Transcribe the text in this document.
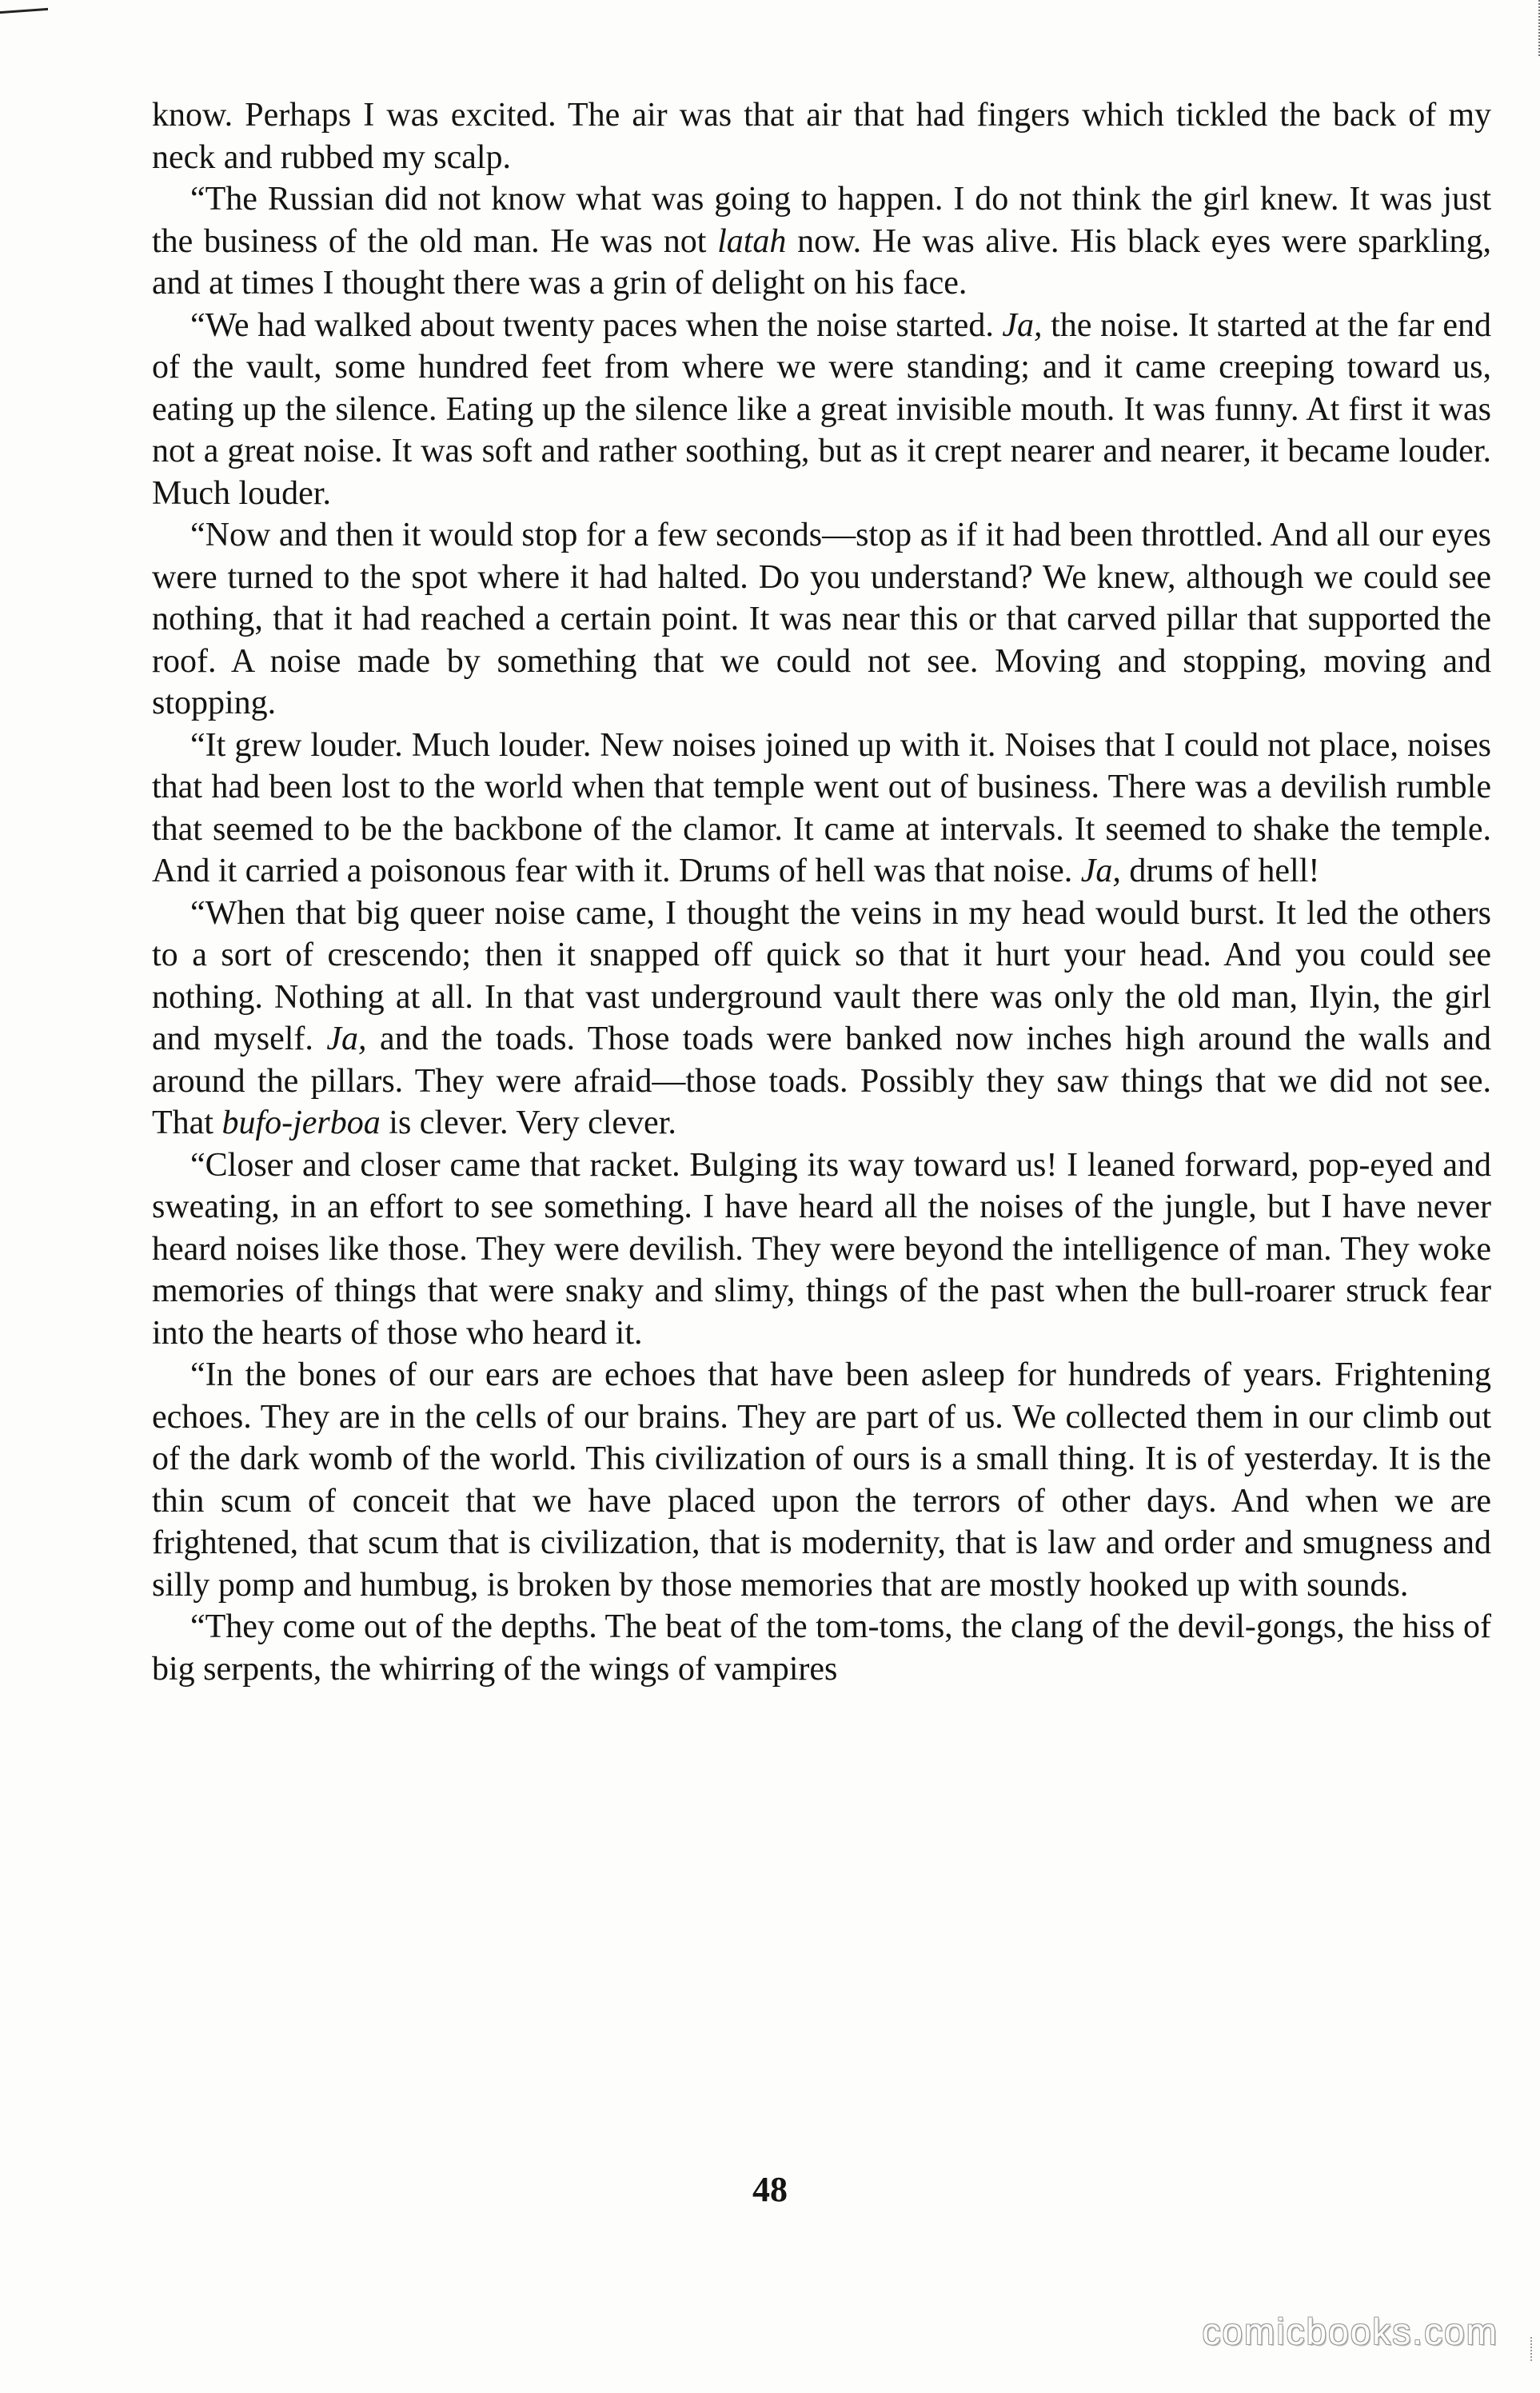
know. Perhaps I was excited. The air was that air that had fingers which tickled the back of my neck and rubbed my scalp.

“The Russian did not know what was going to happen. I do not think the girl knew. It was just the business of the old man. He was not latah now. He was alive. His black eyes were sparkling, and at times I thought there was a grin of delight on his face.

“We had walked about twenty paces when the noise started. Ja, the noise. It started at the far end of the vault, some hundred feet from where we were standing; and it came creeping toward us, eating up the silence. Eating up the silence like a great invisible mouth. It was funny. At first it was not a great noise. It was soft and rather soothing, but as it crept nearer and nearer, it became louder. Much louder.

“Now and then it would stop for a few seconds—stop as if it had been throttled. And all our eyes were turned to the spot where it had halted. Do you understand? We knew, although we could see nothing, that it had reached a certain point. It was near this or that carved pillar that supported the roof. A noise made by something that we could not see. Moving and stopping, moving and stopping.

“It grew louder. Much louder. New noises joined up with it. Noises that I could not place, noises that had been lost to the world when that temple went out of business. There was a devilish rumble that seemed to be the backbone of the clamor. It came at intervals. It seemed to shake the temple. And it carried a poisonous fear with it. Drums of hell was that noise. Ja, drums of hell!

“When that big queer noise came, I thought the veins in my head would burst. It led the others to a sort of crescendo; then it snapped off quick so that it hurt your head. And you could see nothing. Nothing at all. In that vast underground vault there was only the old man, Ilyin, the girl and myself. Ja, and the toads. Those toads were banked now inches high around the walls and around the pillars. They were afraid—those toads. Possibly they saw things that we did not see. That bufo-jerboa is clever. Very clever.

“Closer and closer came that racket. Bulging its way toward us! I leaned forward, pop-eyed and sweating, in an effort to see something. I have heard all the noises of the jungle, but I have never heard noises like those. They were devilish. They were beyond the intelligence of man. They woke memories of things that were snaky and slimy, things of the past when the bull-roarer struck fear into the hearts of those who heard it.

“In the bones of our ears are echoes that have been asleep for hundreds of years. Frightening echoes. They are in the cells of our brains. They are part of us. We collected them in our climb out of the dark womb of the world. This civilization of ours is a small thing. It is of yesterday. It is the thin scum of conceit that we have placed upon the terrors of other days. And when we are frightened, that scum that is civilization, that is modernity, that is law and order and smugness and silly pomp and humbug, is broken by those memories that are mostly hooked up with sounds.

“They come out of the depths. The beat of the tom-toms, the clang of the devil-gongs, the hiss of big serpents, the whirring of the wings of vampires

48
comicbooks.com
